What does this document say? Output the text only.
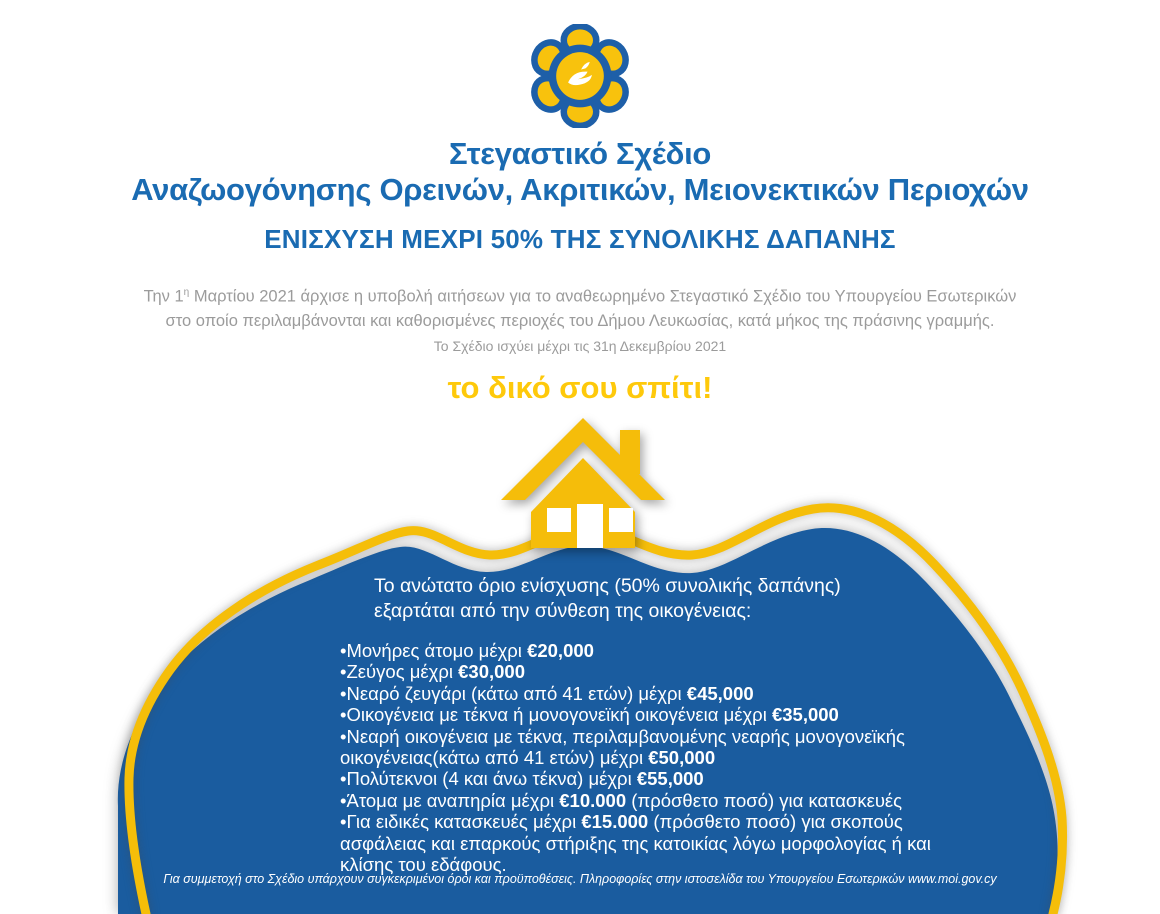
Στεγαστικό Σχέδιο
Αναζωογόνησης Ορεινών, Ακριτικών, Μειονεκτικών Περιοχών
ΕΝΙΣΧΥΣΗ ΜΕΧΡΙ 50% ΤΗΣ ΣΥΝΟΛΙΚΗΣ ΔΑΠΑΝΗΣ
Την $1^\eta$ Μαρτίου 2021 άρχισε η υποβολή αιτήσεων για το αναθεωρημένο Στεγαστικό Σχέδιο του Υπουργείου Εσωτερικών
στο οποίο περιλαμβάνονται και καθορισμένες περιοχές του Δήμου Λευκωσίας, κατά μήκος της πράσινης γραμμής.
Το Σχέδιο ισχύει μέχρι τις 31η Δεκεμβρίου 2021
το δικό σου σπίτι!
Το ανώτατο όριο ενίσχυσης (50% συνολικής δαπάνης)
εξαρτάται από την σύνθεση της οικογένειας:
•Μονήρες άτομο μέχρι €20,000
•Ζεύγος μέχρι €30,000
•Νεαρό ζευγάρι (κάτω από 41 ετών) μέχρι €45,000
•Οικογένεια με τέκνα ή μονογονεϊκή οικογένεια μέχρι €35,000
•Νεαρή οικογένεια με τέκνα, περιλαμβανομένης νεαρής μονογονεϊκής οικογένειας(κάτω από 41 ετών) μέχρι €50,000
•Πολύτεκνοι (4 και άνω τέκνα) μέχρι €55,000
•Άτομα με αναπηρία μέχρι €10.000 (πρόσθετο ποσό) για κατασκευές
•Για ειδικές κατασκευές μέχρι €15.000 (πρόσθετο ποσό) για σκοπούς ασφάλειας και επαρκούς στήριξης της κατοικίας λόγω μορφολογίας ή και κλίσης του εδάφους.
Για συμμετοχή στο Σχέδιο υπάρχουν συγκεκριμένοι όροι και προϋποθέσεις. Πληροφορίες στην ιστοσελίδα του Υπουργείου Εσωτερικών www.moi.gov.cy
